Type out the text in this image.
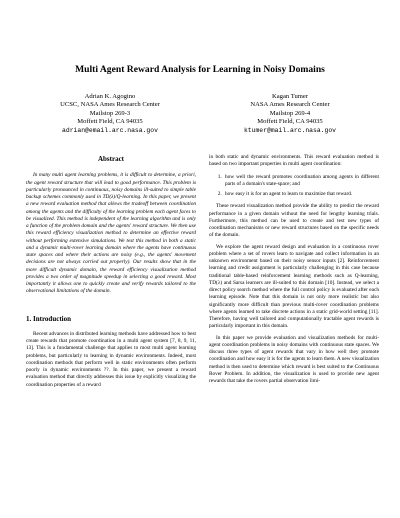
Multi Agent Reward Analysis for Learning in Noisy Domains
Adrian K. Agogino
UCSC, NASA Ames Research Center
Mailstop 269-3
Moffett Field, CA 94035
adrian@email.arc.nasa.gov
Kagan Tumer
NASA Ames Research Center
Mailstop 269-4
Moffett Field, CA 94035
ktumer@mail.arc.nasa.gov
Abstract

In many multi agent learning problems, it is difficult to determine, a priori, the agent reward structure that will lead to good performance. This problem is particularly pronounced in continuous, noisy domains ill-suited to simple table backup schemes commonly used in TD(λ)/Q-learning. In this paper, we present a new reward evaluation method that allows the tradeoff between coordination among the agents and the difficulty of the learning problem each agent faces to be visualized. This method is independent of the learning algorithm and is only a function of the problem domain and the agents' reward structure. We then use this reward efficiency visualization method to determine an effective reward without performing extensive simulations. We test this method in both a static and a dynamic multi-rover learning domain where the agents have continuous state spaces and where their actions are noisy (e.g., the agents' movement decisions are not always carried out properly). Our results show that in the more difficult dynamic domain, the reward efficiency visualization method provides a two order of magnitude speedup in selecting a good reward. Most importantly it allows one to quickly create and verify rewards tailored to the observational limitations of the domain.

1. Introduction

Recent advances in distributed learning methods have addressed how to best create rewards that promote coordination in a multi agent system [7, 8, 9, 11, 13]. This is a fundamental challenge that applies to most multi agent learning problems, but particularly to learning in dynamic environments. Indeed, most coordination methods that perform well in static environments often perform poorly in dynamic environments ??. In this paper, we present a reward evaluation method that directly addresses this issue by explicitly visualizing the coordination properties of a reward

in both static and dynamic environments. This reward evaluation method is based on two important properties in multi agent coordination:

1. how well the reward promotes coordination among agents in different parts of a domain's state-space; and
2. how easy it is for an agent to learn to maximize that reward.

These reward visualization method provide the ability to predict the reward performance in a given domain without the need for lengthy learning trials. Furthermore, this method can be used to create and test new types of coordination mechanisms or new reward structures based on the specific needs of the domain.

We explore the agent reward design and evaluation in a continuous rover problem where a set of rovers learn to navigate and collect information in an unknown environment based on their noisy sensor inputs [2]. Reinforcement learning and credit assignment is particularly challenging in this case because traditional table-based reinforcement learning methods such as Q-learning, TD(λ) and Sarsa learners are ill-suited to this domain [10]. Instead, we select a direct policy search method where the full control policy is evaluated after each learning episode. Note that this domain is not only more realistic but also significantly more difficult than previous multi-rover coordination problems where agents learned to take discrete actions in a static grid-world setting [11]. Therefore, having well tailored and computationally tractable agent rewards is particularly important in this domain.

In this paper we provide evaluation and visualization methods for multi-agent coordination problems in noisy domains with continuous state spaces. We discuss three types of agent rewards that vary in how well they promote coordination and how easy it is for the agents to learn them. A new visualization method is then used to determine which reward is best suited to the Continuous Rover Problem. In addition, the visualization is used to provide new agent rewards that take the rovers partial observation limi-
